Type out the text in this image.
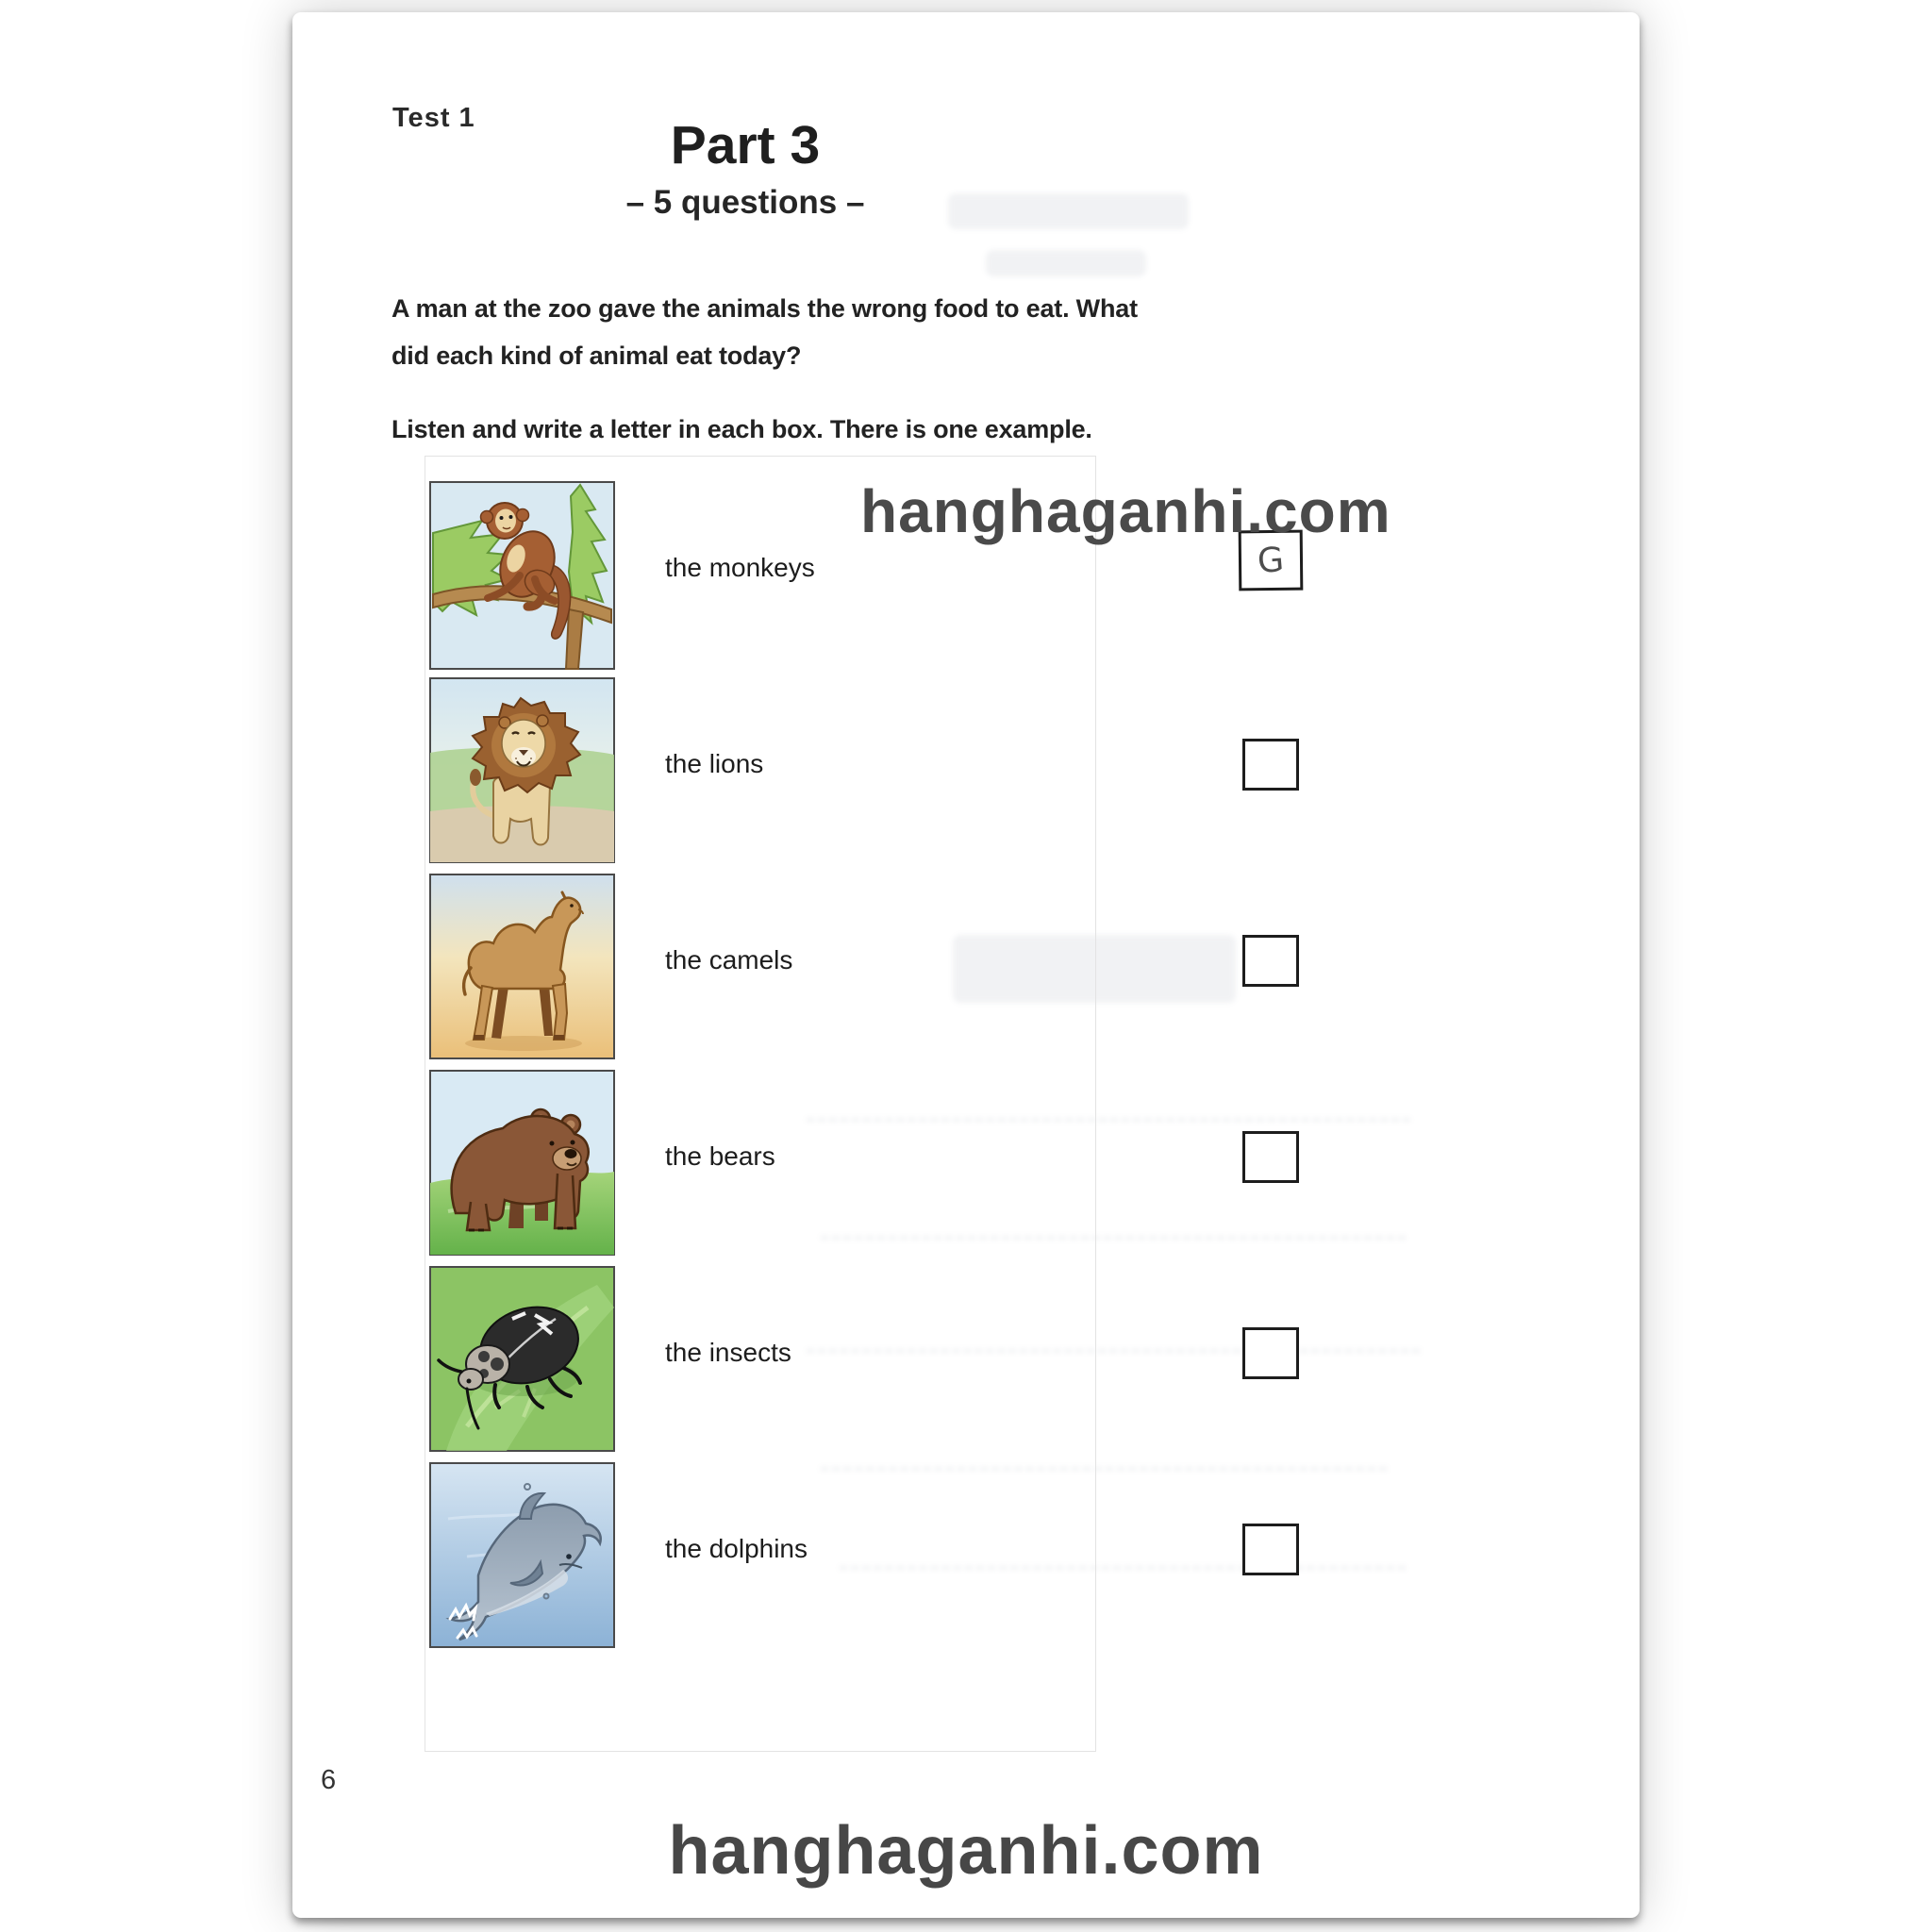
Test 1	Part 3
– 5 questions –
A man at the zoo gave the animals the wrong food to eat. What did each kind of animal eat today?
Listen and write a letter in each box. There is one example.
the monkeys	G
the lions
the camels
the bears
the insects
the dolphins
hanghaganhi.com
hanghaganhi.com
6
